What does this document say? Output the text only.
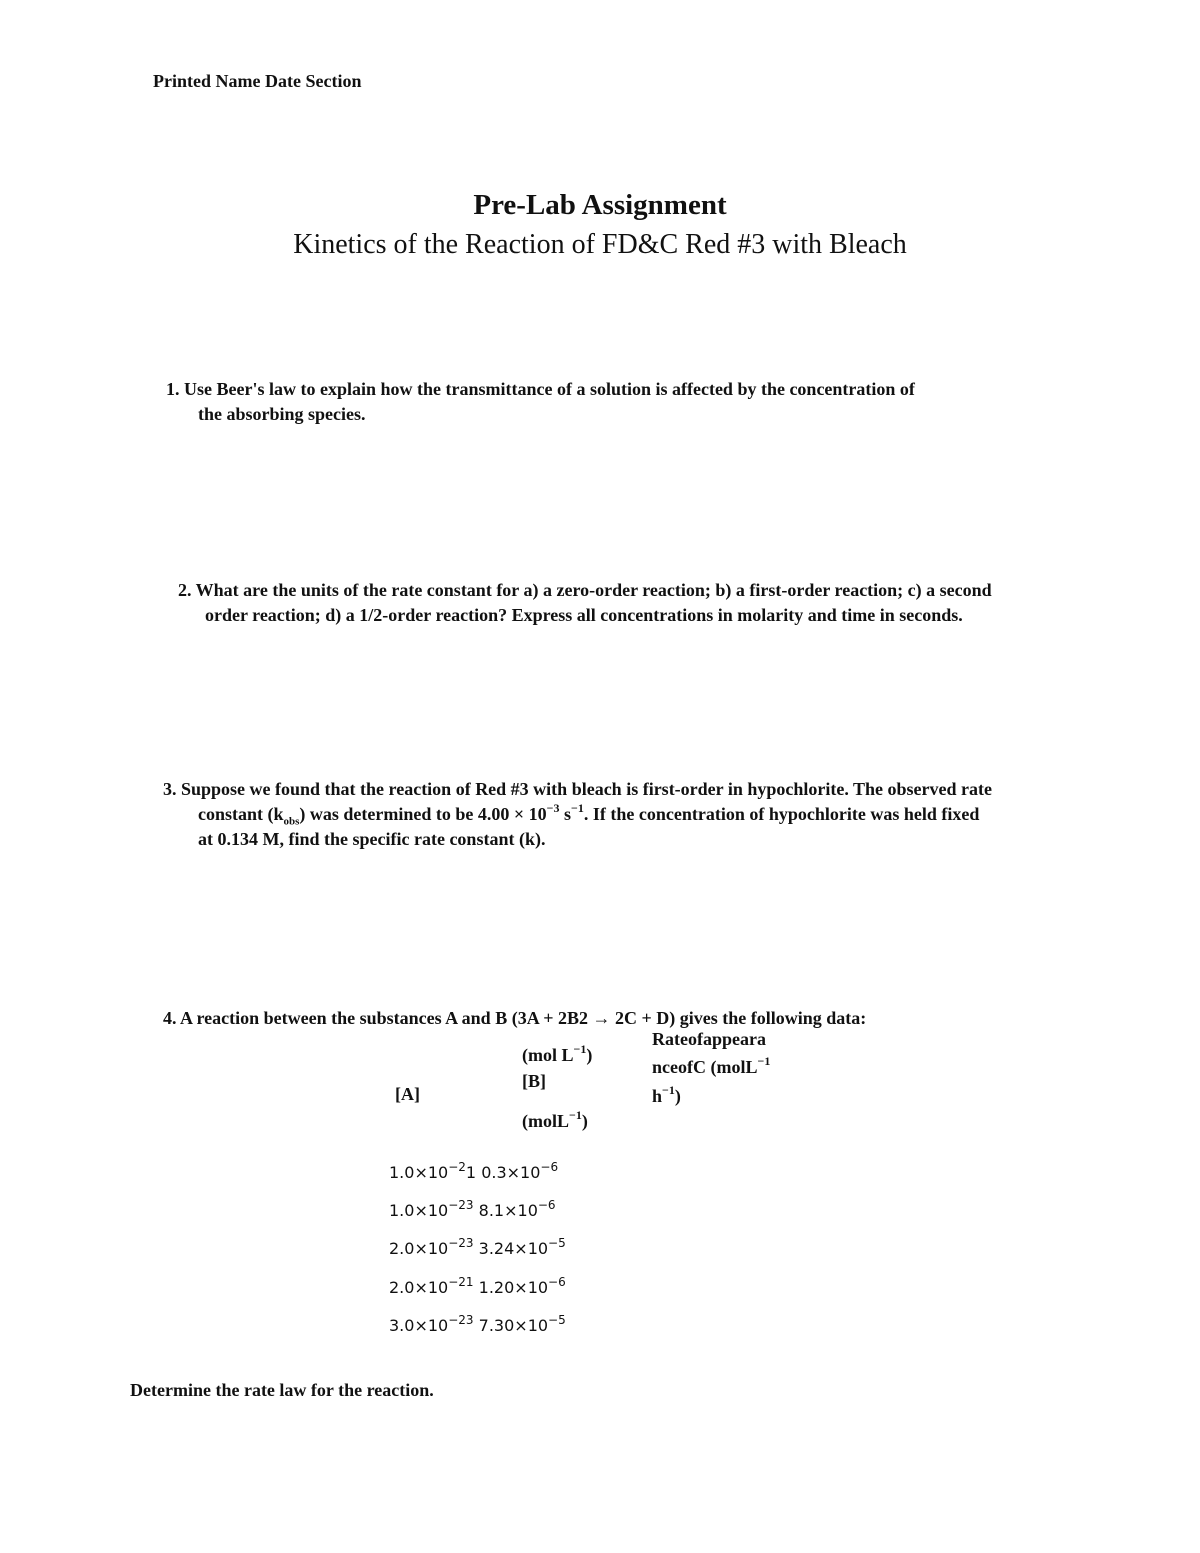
Printed Name Date Section
Pre-Lab Assignment
Kinetics of the Reaction of FD&C Red #3 with Bleach
1. Use Beer's law to explain how the transmittance of a solution is affected by the concentration of
the absorbing species.
2. What are the units of the rate constant for a) a zero-order reaction; b) a first-order reaction; c) a second
order reaction; d) a 1/2-order reaction? Express all concentrations in molarity and time in seconds.
3. Suppose we found that the reaction of Red #3 with bleach is first-order in hypochlorite. The observed rate
constant $(k_{obs})$ was determined to be $4.00 \times 10^{-3}$ $s^{-1}$. If the concentration of hypochlorite was held fixed
at 0.134 M, find the specific rate constant (k).
4. A reaction between the substances A and B (3A + 2B2 → 2C + D) gives the following data:
(mol $L^{-1}$)
[B]
[A]
(molL$^{-1}$)
Rateofappeara
nceofC (molL$^{-1}$
$h^{-1}$)
$1.0\times 10^{-2}1$ $0.3\times 10^{-6}$
$1.0\times 10^{-23}$ $8.1\times 10^{-6}$
$2.0\times 10^{-23}$ $3.24\times 10^{-5}$
$2.0\times 10^{-21}$ $1.20\times 10^{-6}$
$3.0\times 10^{-23}$ $7.30\times 10^{-5}$
Determine the rate law for the reaction.
